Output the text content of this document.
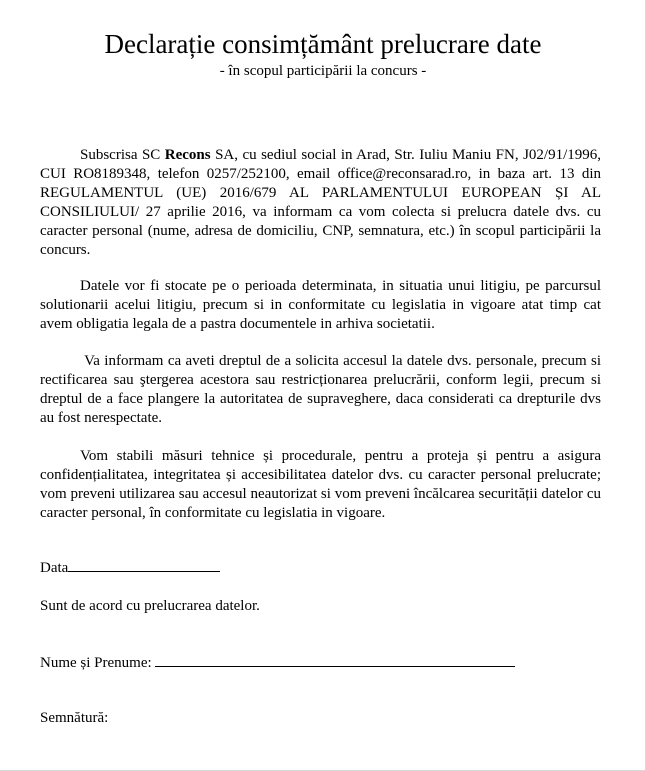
Declarație consimțământ prelucrare date
- în scopul participării la concurs -

Subscrisa SC Recons SA, cu sediul social in Arad, Str. Iuliu Maniu FN, J02/91/1996, CUI RO8189348, telefon 0257/252100, email office@reconsarad.ro, in baza art. 13 din REGULAMENTUL (UE) 2016/679 AL PARLAMENTULUI EUROPEAN ȘI AL CONSILIULUI/ 27 aprilie 2016, va informam ca vom colecta si prelucra datele dvs. cu caracter personal (nume, adresa de domiciliu, CNP, semnatura, etc.) în scopul participării la concurs.

Datele vor fi stocate pe o perioada determinata, in situatia unui litigiu, pe parcursul solutionarii acelui litigiu, precum si in conformitate cu legislatia in vigoare atat timp cat avem obligatia legala de a pastra documentele in arhiva societatii.

Va informam ca aveti dreptul de a solicita accesul la datele dvs. personale, precum si rectificarea sau ştergerea acestora sau restricționarea prelucrării, conform legii, precum si dreptul de a face plangere la autoritatea de supraveghere, daca considerati ca drepturile dvs au fost nerespectate.

Vom stabili măsuri tehnice și procedurale, pentru a proteja și pentru a asigura confidențialitatea, integritatea și accesibilitatea datelor dvs. cu caracter personal prelucrate; vom preveni utilizarea sau accesul neautorizat si vom preveni încălcarea securității datelor cu caracter personal, în conformitate cu legislatia in vigoare.

Data
Sunt de acord cu prelucrarea datelor.
Nume și Prenume:
Semnătură:
